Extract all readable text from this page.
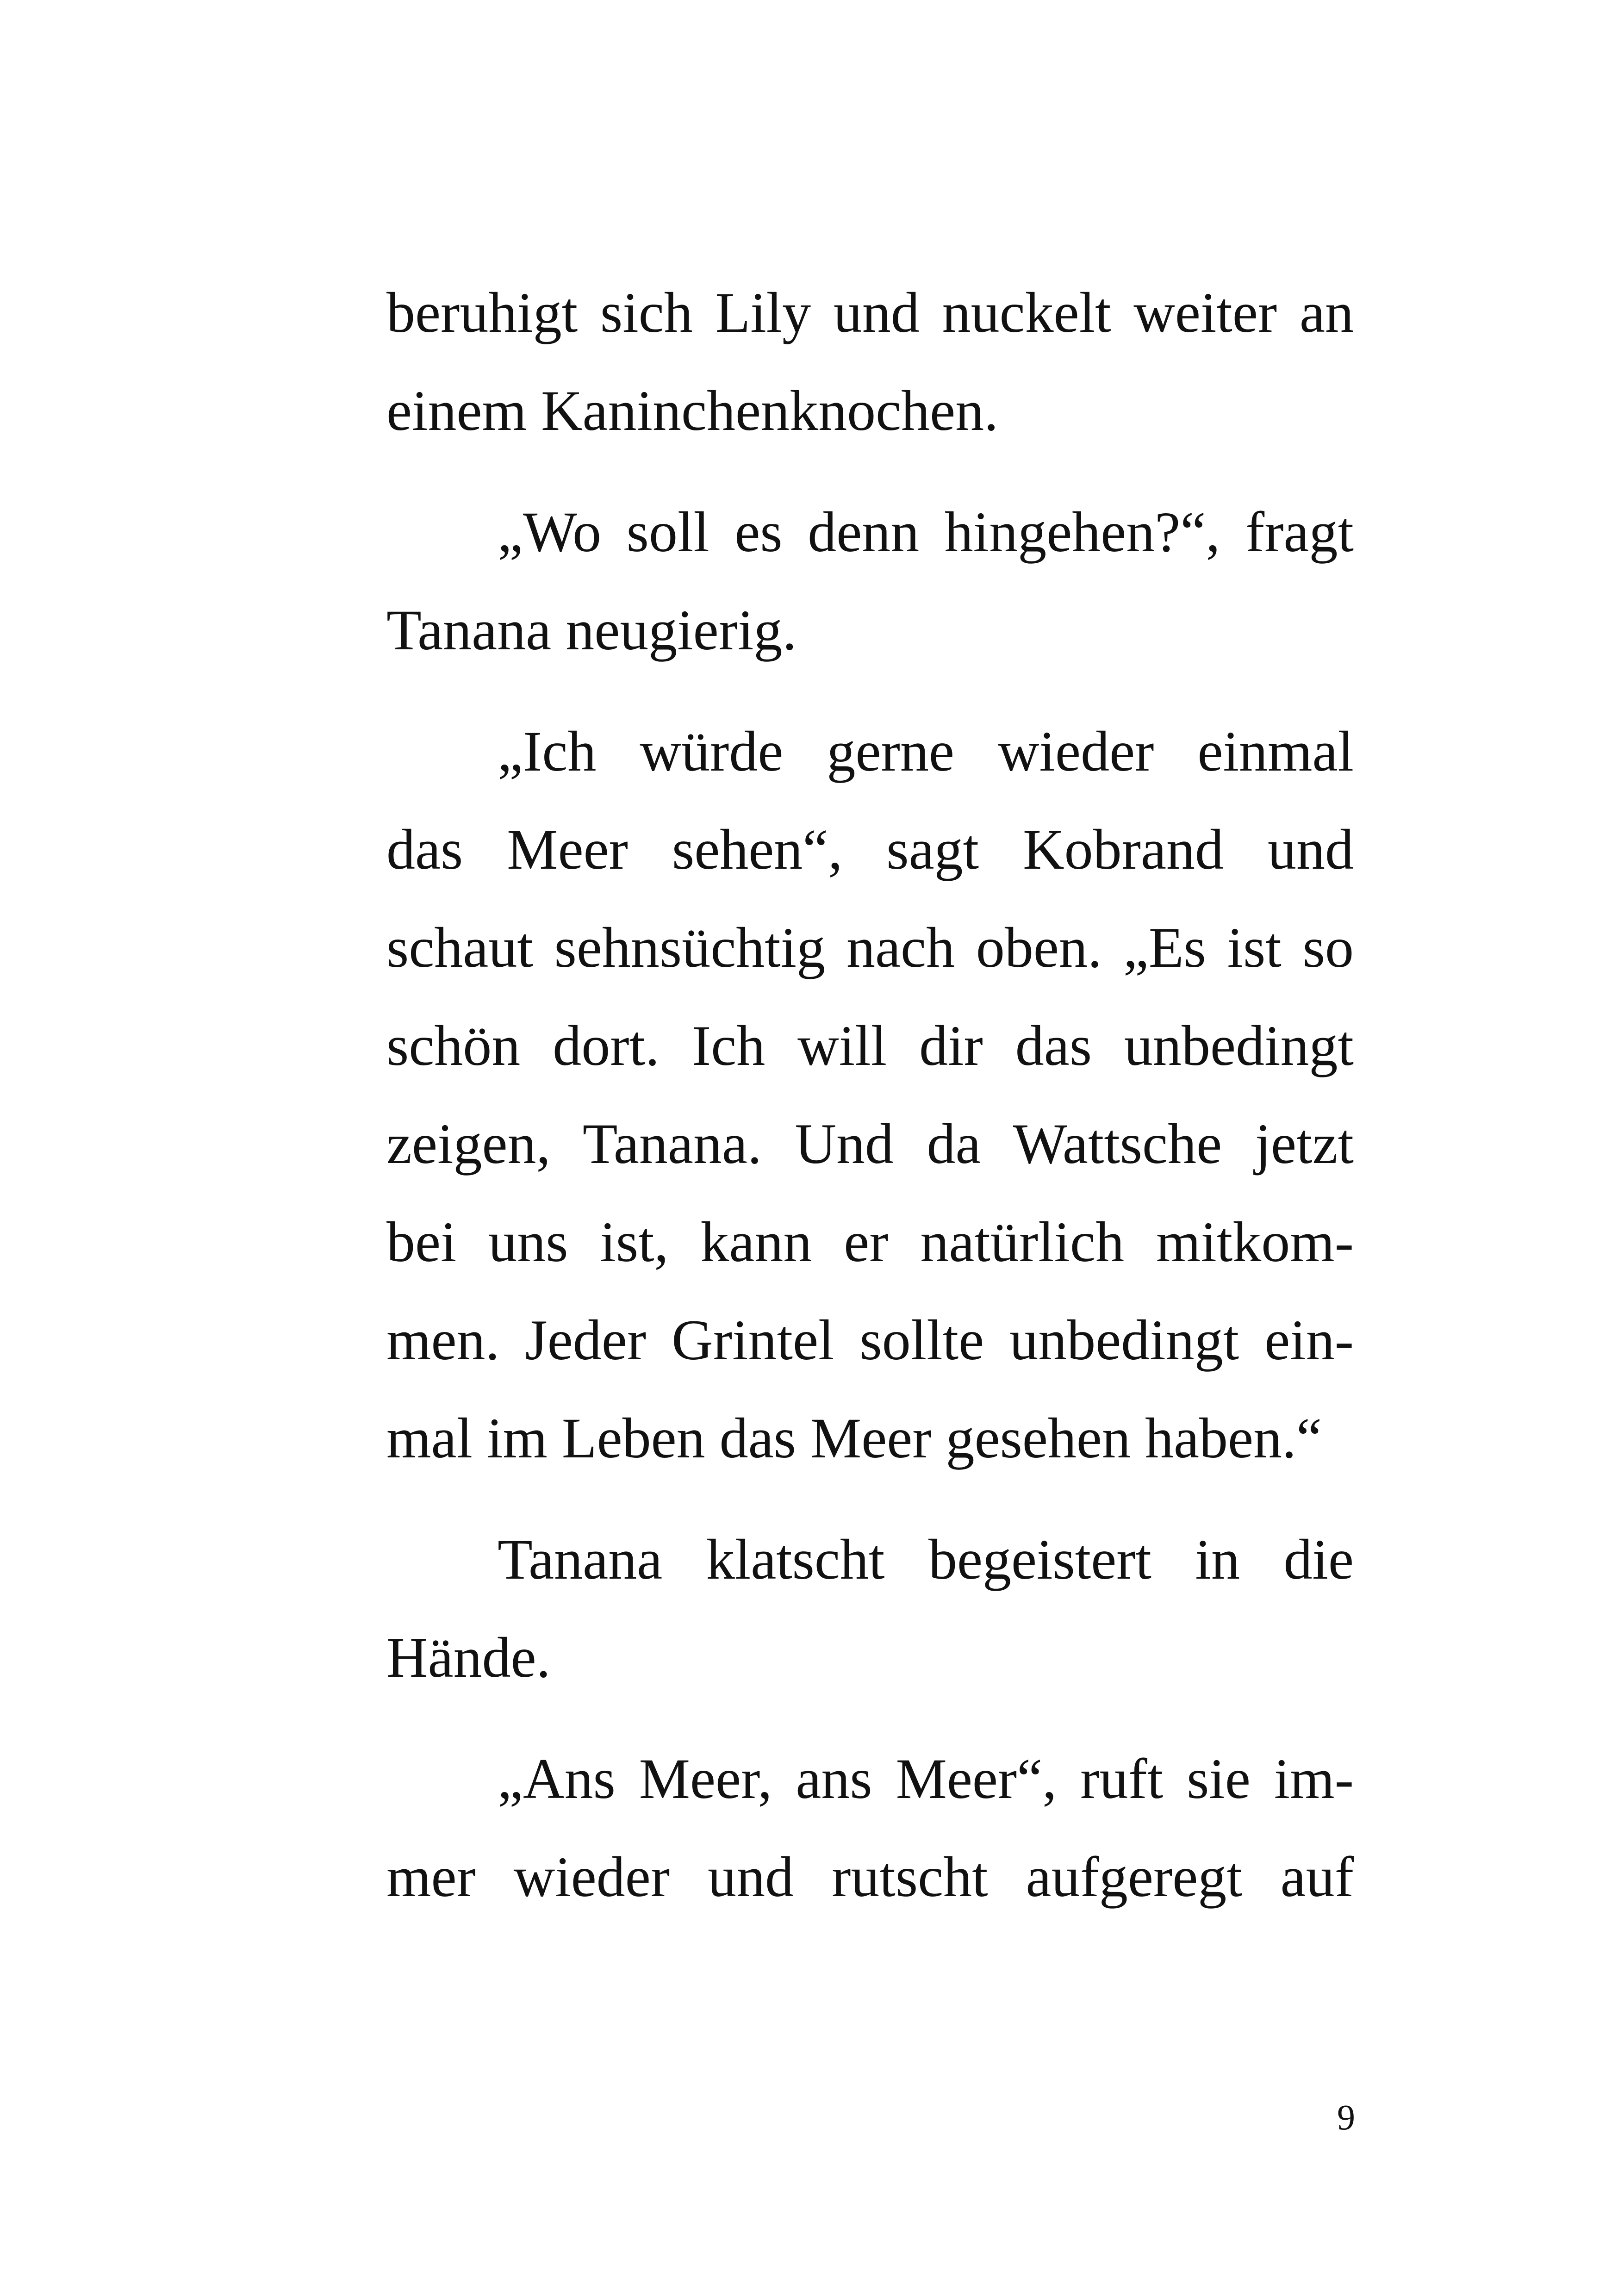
beruhigt sich Lily und nuckelt weiter an
einem Kaninchenknochen.
„Wo soll es denn hingehen?“, fragt
Tanana neugierig.
„Ich würde gerne wieder einmal
das Meer sehen“, sagt Kobrand und
schaut sehnsüchtig nach oben. „Es ist so
schön dort. Ich will dir das unbedingt
zeigen, Tanana. Und da Wattsche jetzt
bei uns ist, kann er natürlich mitkom-
men. Jeder Grintel sollte unbedingt ein-
mal im Leben das Meer gesehen haben.“
Tanana klatscht begeistert in die
Hände.
„Ans Meer, ans Meer“, ruft sie im-
mer wieder und rutscht aufgeregt auf
9
